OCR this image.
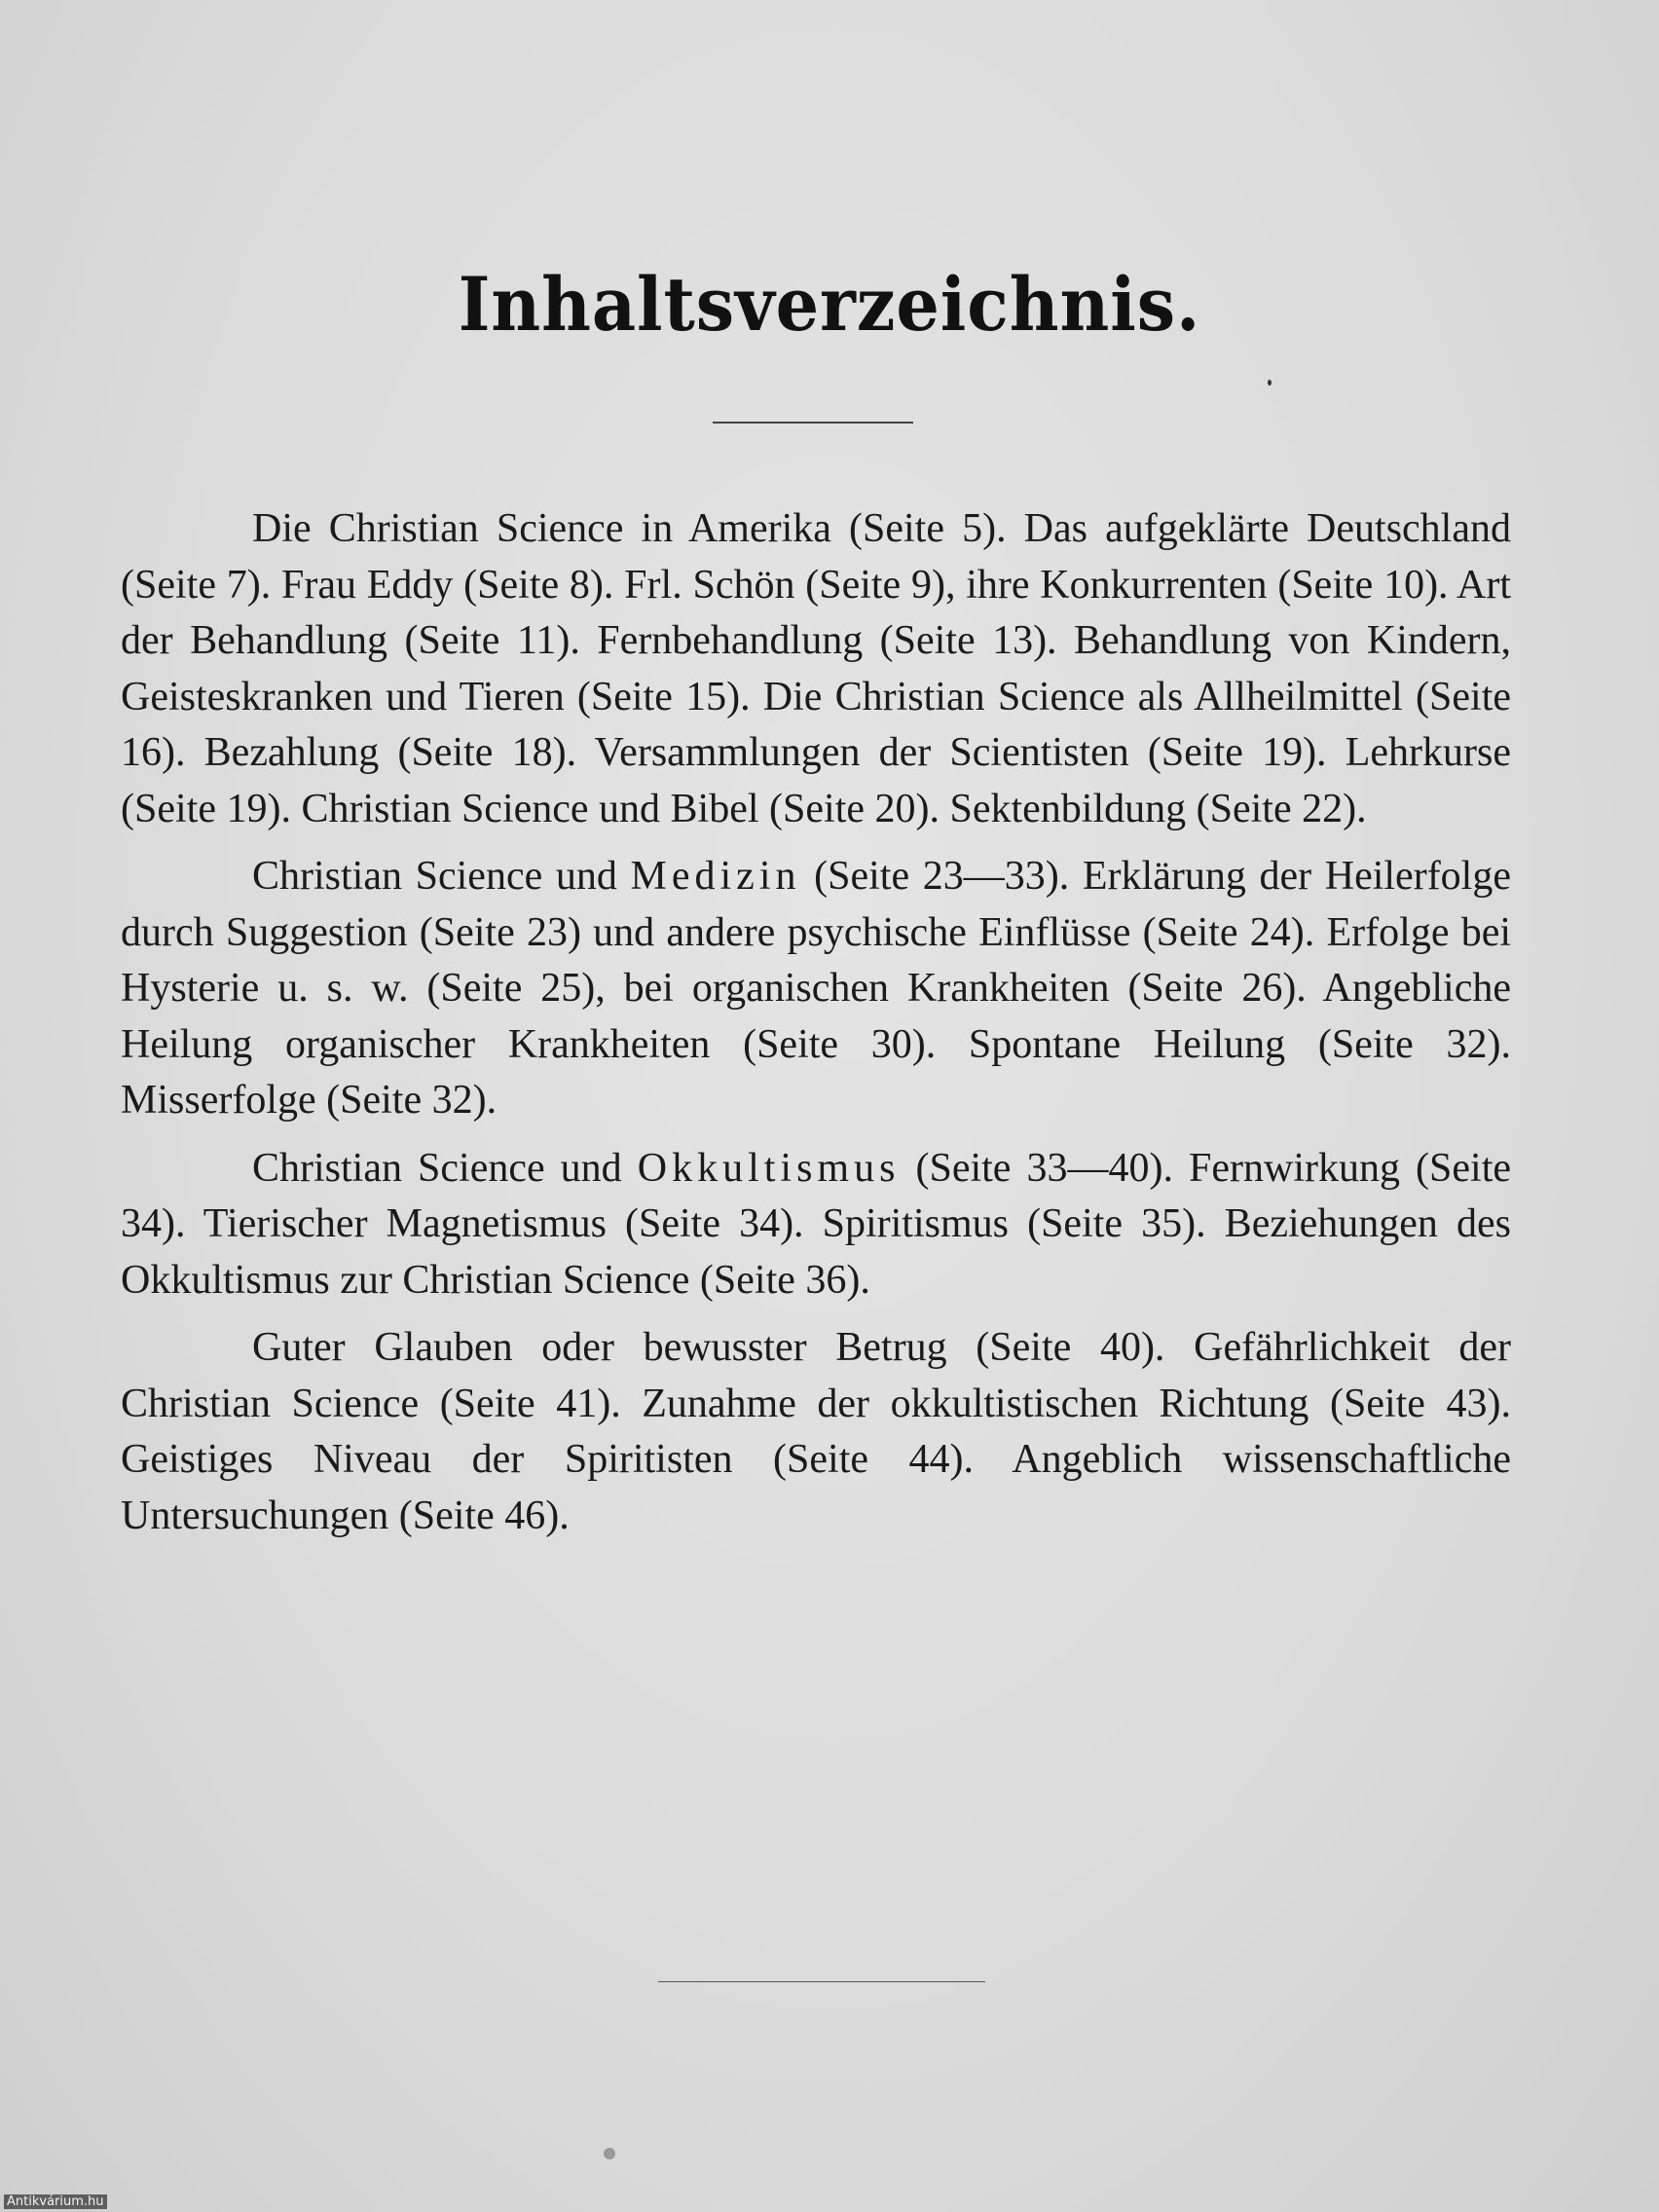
Inhaltsverzeichnis.

Die Christian Science in Amerika (Seite 5). Das aufgeklärte Deutschland (Seite 7). Frau Eddy (Seite 8). Frl. Schön (Seite 9), ihre Konkurrenten (Seite 10). Art der Behandlung (Seite 11). Fernbehandlung (Seite 13). Behandlung von Kindern, Geisteskranken und Tieren (Seite 15). Die Christian Science als Allheilmittel (Seite 16). Bezahlung (Seite 18). Versammlungen der Scientisten (Seite 19). Lehrkurse (Seite 19). Christian Science und Bibel (Seite 20). Sektenbildung (Seite 22).

Christian Science und Medizin (Seite 23—33). Erklärung der Heilerfolge durch Suggestion (Seite 23) und andere psychische Einflüsse (Seite 24). Erfolge bei Hysterie u. s. w. (Seite 25), bei organischen Krankheiten (Seite 26). Angebliche Heilung organischer Krankheiten (Seite 30). Spontane Heilung (Seite 32). Misserfolge (Seite 32).

Christian Science und Okkultismus (Seite 33—40). Fernwirkung (Seite 34). Tierischer Magnetismus (Seite 34). Spiritismus (Seite 35). Beziehungen des Okkultismus zur Christian Science (Seite 36).

Guter Glauben oder bewusster Betrug (Seite 40). Gefährlichkeit der Christian Science (Seite 41). Zunahme der okkultistischen Richtung (Seite 43). Geistiges Niveau der Spiritisten (Seite 44). Angeblich wissenschaftliche Untersuchungen (Seite 46).

Antikvárium.hu
